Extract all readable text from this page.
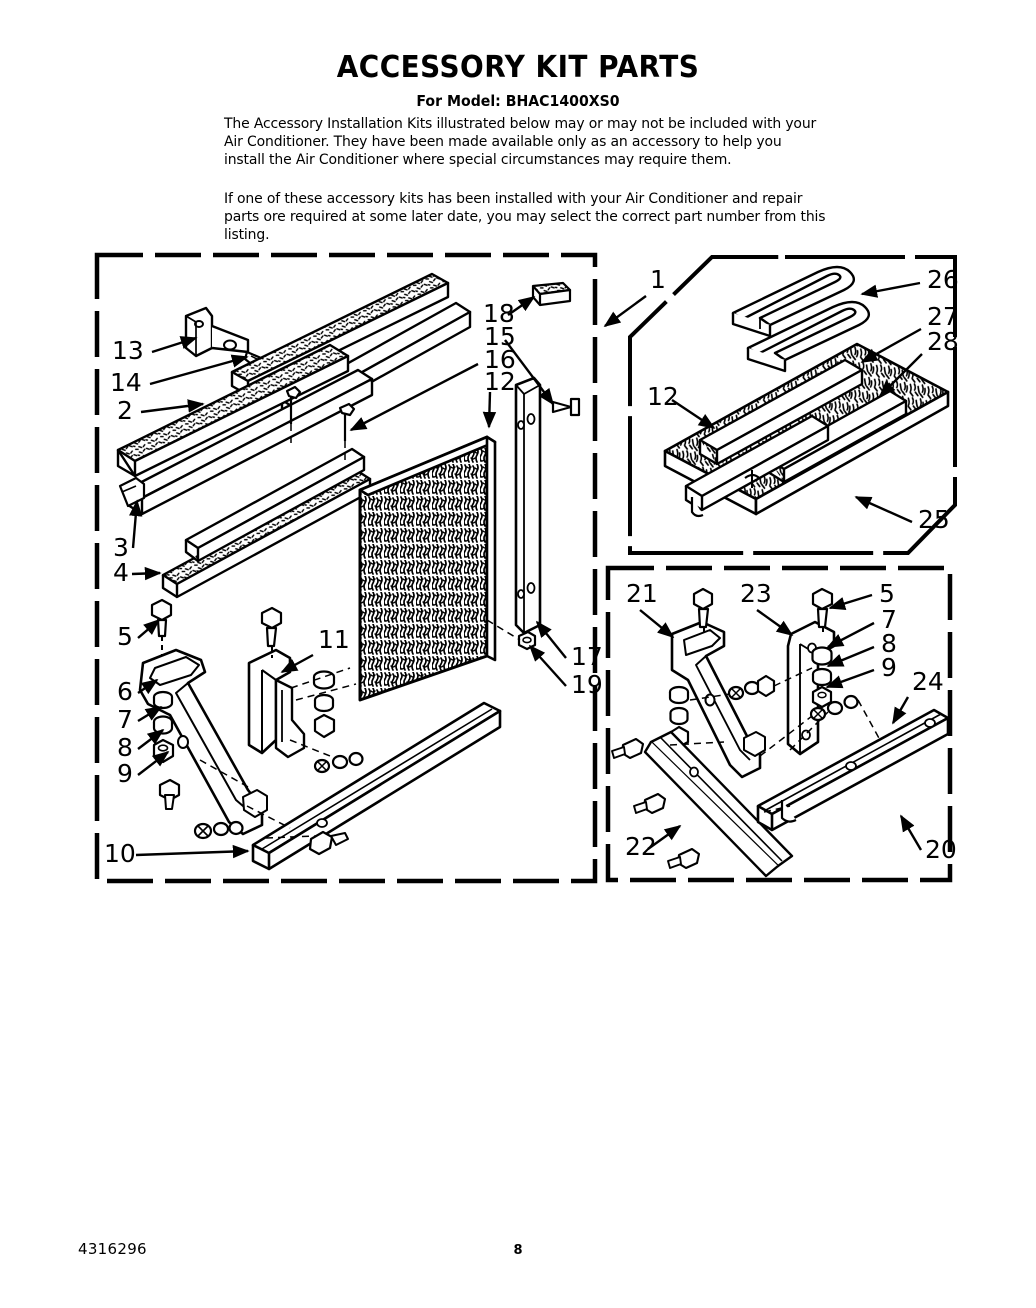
ACCESSORY KIT PARTS
For Model: BHAC1400XS0
The Accessory Installation Kits illustrated below may or may not be included with your Air Conditioner. They have been made available only as an accessory to help you install the Air Conditioner where special circumstances may require them.
If one of these accessory kits has been installed with your Air Conditioner and repair parts ore required at some later date, you may select the correct part number from this listing.
13
14
2
3
4
5
6
7
8
9
10
11
18
15
16
12
17
19
1	26
27
28
12
25
21	23	5
7
8
9 24
22	20
4316296	8
